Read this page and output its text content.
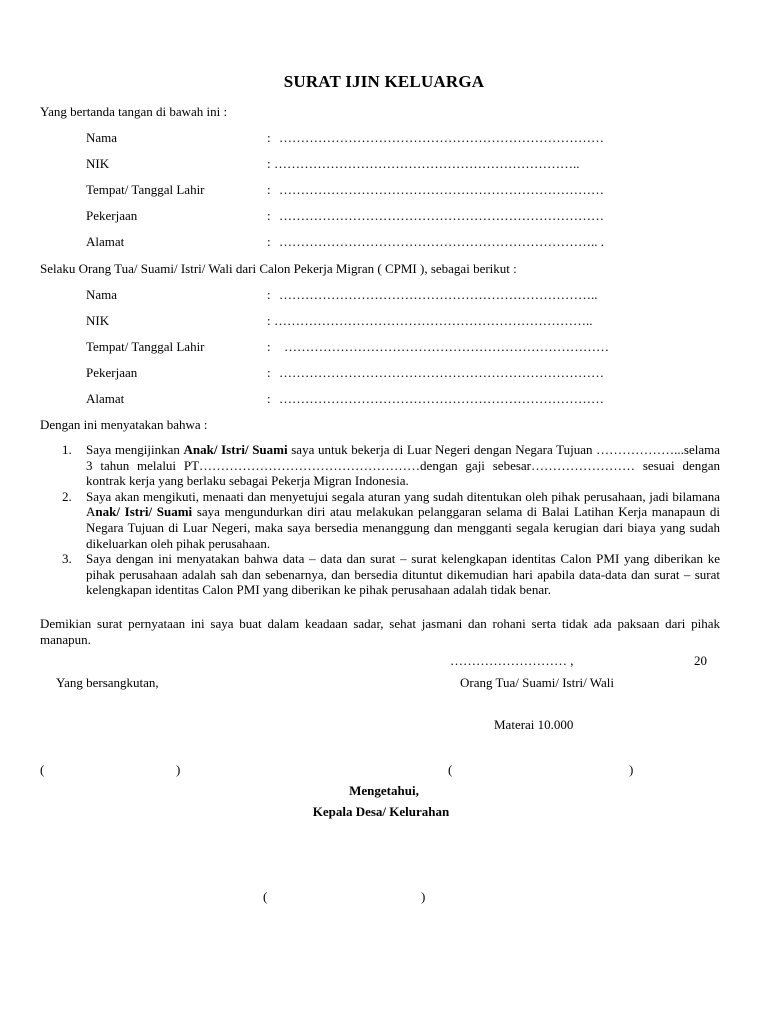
SURAT IJIN KELUARGA
Yang bertanda tangan di bawah ini :
Nama	: …………………………………………………………………
NIK	: ……………………………………………………………..
Tempat/ Tanggal Lahir	: …………………………………………………………………
Pekerjaan	: …………………………………………………………………
Alamat	: ……………………………………………………………….. .
Selaku Orang Tua/ Suami/ Istri/ Wali dari Calon Pekerja Migran ( CPMI ), sebagai berikut :
Nama	: ………………………………………………………………..
NIK	: ………………………………………………………………..
Tempat/ Tanggal Lahir	: …………………………………………………………………
Pekerjaan	: …………………………………………………………………
Alamat	: …………………………………………………………………
Dengan ini menyatakan bahwa :
1. Saya mengijinkan Anak/ Istri/ Suami saya untuk bekerja di Luar Negeri dengan Negara Tujuan ………………...selama 3 tahun melalui PT……………………………………………dengan gaji sebesar…………………… sesuai dengan kontrak kerja yang berlaku sebagai Pekerja Migran Indonesia.
2. Saya akan mengikuti, menaati dan menyetujui segala aturan yang sudah ditentukan oleh pihak perusahaan, jadi bilamana Anak/ Istri/ Suami saya mengundurkan diri atau melakukan pelanggaran selama di Balai Latihan Kerja manapaun di Negara Tujuan di Luar Negeri, maka saya bersedia menanggung dan mengganti segala kerugian dari biaya yang sudah dikeluarkan oleh pihak perusahaan.
3. Saya dengan ini menyatakan bahwa data – data dan surat – surat kelengkapan identitas Calon PMI yang diberikan ke pihak perusahaan adalah sah dan sebenarnya, dan bersedia dituntut dikemudian hari apabila data-data dan surat – surat kelengkapan identitas Calon PMI yang diberikan ke pihak perusahaan adalah tidak benar.
Demikian surat pernyataan ini saya buat dalam keadaan sadar, sehat jasmani dan rohani serta tidak ada paksaan dari pihak manapun.
……………………… ,	20
Yang bersangkutan,	Orang Tua/ Suami/ Istri/ Wali
Materai 10.000
(	)	(	)
Mengetahui,
Kepala Desa/ Kelurahan
(	)
